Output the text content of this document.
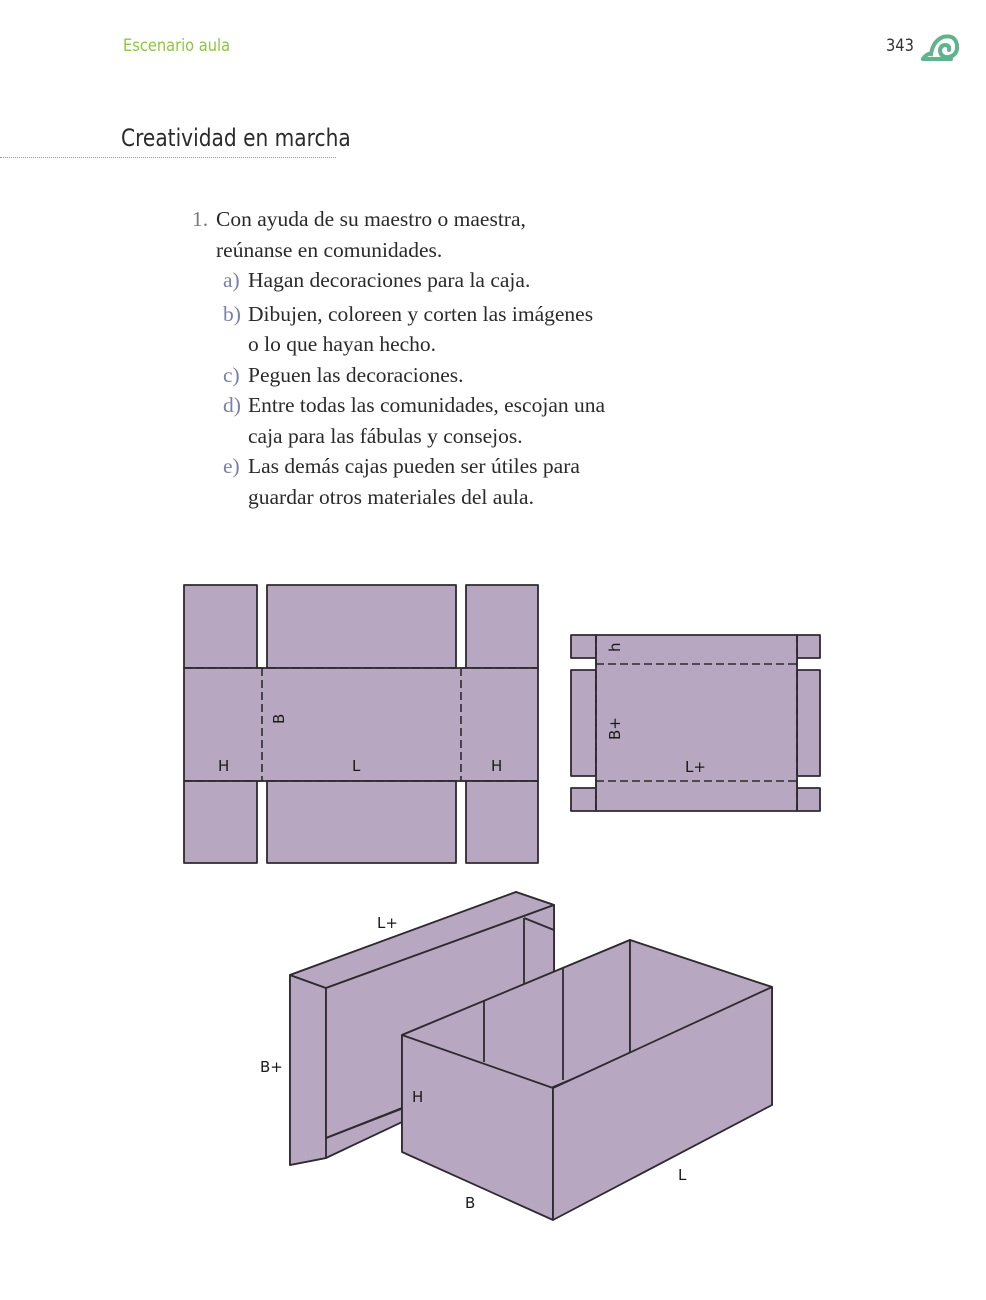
Escenario aula	343
Creatividad en marcha
1. Con ayuda de su maestro o maestra,
reúnanse en comunidades.
a) Hagan decoraciones para la caja.
b) Dibujen, coloreen y corten las imágenes
o lo que hayan hecho.
c) Peguen las decoraciones.
d) Entre todas las comunidades, escojan una
caja para las fábulas y consejos.
e) Las demás cajas pueden ser útiles para
guardar otros materiales del aula.
H
B
L	H
h
B+
L+
L+
B+
H
B
L
